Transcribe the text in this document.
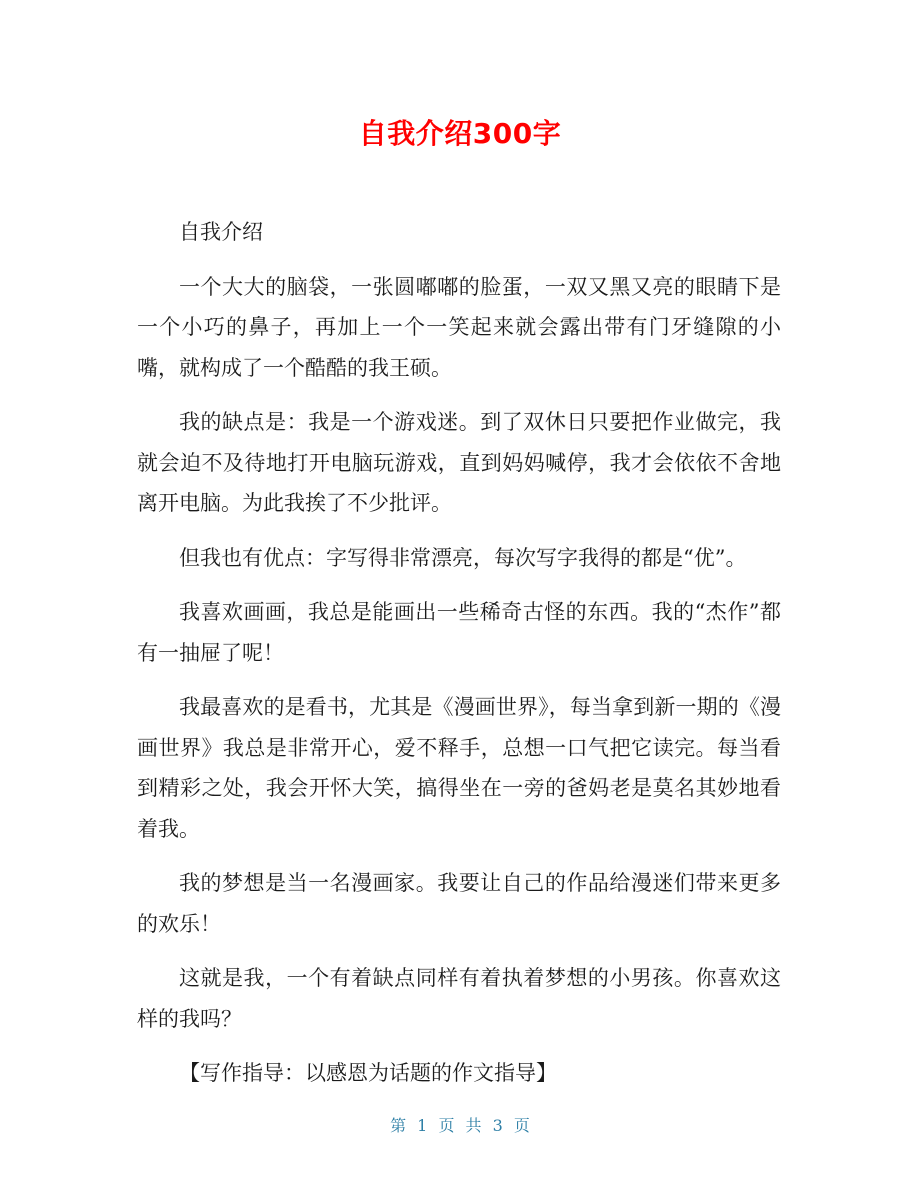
自我介绍300字

自我介绍

一个大大的脑袋，一张圆嘟嘟的脸蛋，一双又黑又亮的眼睛下是一个小巧的鼻子，再加上一个一笑起来就会露出带有门牙缝隙的小嘴，就构成了一个酷酷的我王硕。

我的缺点是：我是一个游戏迷。到了双休日只要把作业做完，我就会迫不及待地打开电脑玩游戏，直到妈妈喊停，我才会依依不舍地离开电脑。为此我挨了不少批评。

但我也有优点：字写得非常漂亮，每次写字我得的都是“优”。

我喜欢画画，我总是能画出一些稀奇古怪的东西。我的“杰作”都有一抽屉了呢！

我最喜欢的是看书，尤其是《漫画世界》，每当拿到新一期的《漫画世界》我总是非常开心，爱不释手，总想一口气把它读完。每当看到精彩之处，我会开怀大笑，搞得坐在一旁的爸妈老是莫名其妙地看着我。

我的梦想是当一名漫画家。我要让自己的作品给漫迷们带来更多的欢乐！

这就是我，一个有着缺点同样有着执着梦想的小男孩。你喜欢这样的我吗？

【写作指导：以感恩为话题的作文指导】

第 1 页 共 3 页
